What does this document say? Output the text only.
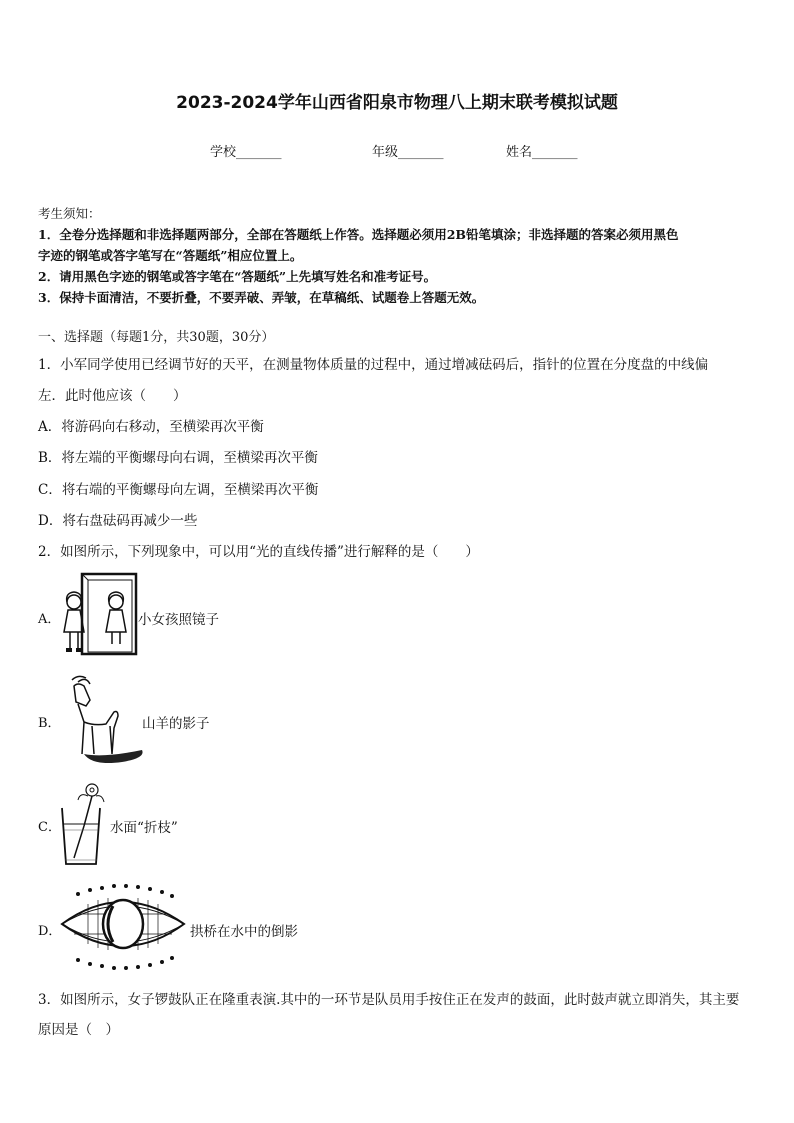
2023-2024学年山西省阳泉市物理八上期末联考模拟试题
学校_______	年级_______	姓名_______
考生须知：
1．全卷分选择题和非选择题两部分，全部在答题纸上作答。选择题必须用2B铅笔填涂；非选择题的答案必须用黑色
字迹的钢笔或答字笔写在“答题纸”相应位置上。
2．请用黑色字迹的钢笔或答字笔在“答题纸”上先填写姓名和准考证号。
3．保持卡面清洁，不要折叠，不要弄破、弄皱，在草稿纸、试题卷上答题无效。
一、选择题（每题1分，共30题，30分）
1．小军同学使用已经调节好的天平，在测量物体质量的过程中，通过增减砝码后，指针的位置在分度盘的中线偏
左．此时他应该（　　）
A．将游码向右移动，至横梁再次平衡
B．将左端的平衡螺母向右调，至横梁再次平衡
C．将右端的平衡螺母向左调，至横梁再次平衡
D．将右盘砝码再减少一些
2．如图所示，下列现象中，可以用“光的直线传播”进行解释的是（　　）
A．	小女孩照镜子
B．	山羊的影子
C．	水面“折枝”
D．	拱桥在水中的倒影
3．如图所示，女子锣鼓队正在隆重表演.其中的一环节是队员用手按住正在发声的鼓面，此时鼓声就立即消失，其主要
原因是（　）
